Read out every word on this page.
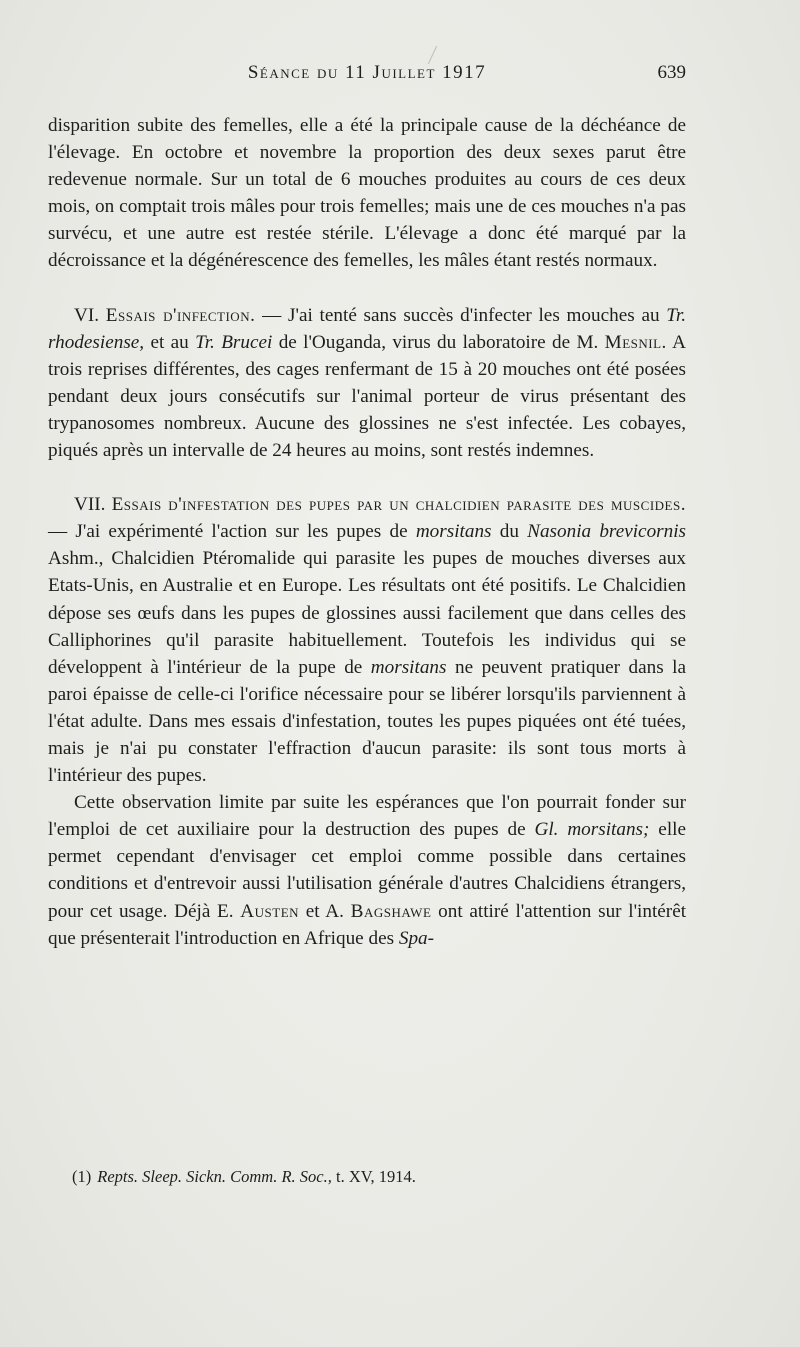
Séance du 11 Juillet 1917	639

disparition subite des femelles, elle a été la principale cause de la déchéance de l'élevage. En octobre et novembre la proportion des deux sexes parut être redevenue normale. Sur un total de 6 mouches produites au cours de ces deux mois, on comptait trois mâles pour trois femelles; mais une de ces mouches n'a pas survécu, et une autre est restée stérile. L'élevage a donc été marqué par la décroissance et la dégénérescence des femelles, les mâles étant restés normaux.

VI. Essais d'infection. — J'ai tenté sans succès d'infecter les mouches au Tr. rhodesiense, et au Tr. Brucei de l'Ouganda, virus du laboratoire de M. Mesnil. A trois reprises différentes, des cages renfermant de 15 à 20 mouches ont été posées pendant deux jours consécutifs sur l'animal porteur de virus présentant des trypanosomes nombreux. Aucune des glossines ne s'est infectée. Les cobayes, piqués après un intervalle de 24 heures au moins, sont restés indemnes.

VII. Essais d'infestation des pupes par un chalcidien parasite des muscides. — J'ai expérimenté l'action sur les pupes de morsitans du Nasonia brevicornis Ashm., Chalcidien Ptéromalide qui parasite les pupes de mouches diverses aux Etats-Unis, en Australie et en Europe. Les résultats ont été positifs. Le Chalcidien dépose ses œufs dans les pupes de glossines aussi facilement que dans celles des Calliphorines qu'il parasite habituellement. Toutefois les individus qui se développent à l'intérieur de la pupe de morsitans ne peuvent pratiquer dans la paroi épaisse de celle-ci l'orifice nécessaire pour se libérer lorsqu'ils parviennent à l'état adulte. Dans mes essais d'infestation, toutes les pupes piquées ont été tuées, mais je n'ai pu constater l'effraction d'aucun parasite: ils sont tous morts à l'intérieur des pupes.

Cette observation limite par suite les espérances que l'on pourrait fonder sur l'emploi de cet auxiliaire pour la destruction des pupes de Gl. morsitans; elle permet cependant d'envisager cet emploi comme possible dans certaines conditions et d'entrevoir aussi l'utilisation générale d'autres Chalcidiens étrangers, pour cet usage. Déjà E. Austen et A. Bagshawe ont attiré l'attention sur l'intérêt que présenterait l'introduction en Afrique des Spa-

(1) Repts. Sleep. Sickn. Comm. R. Soc., t. XV, 1914.
